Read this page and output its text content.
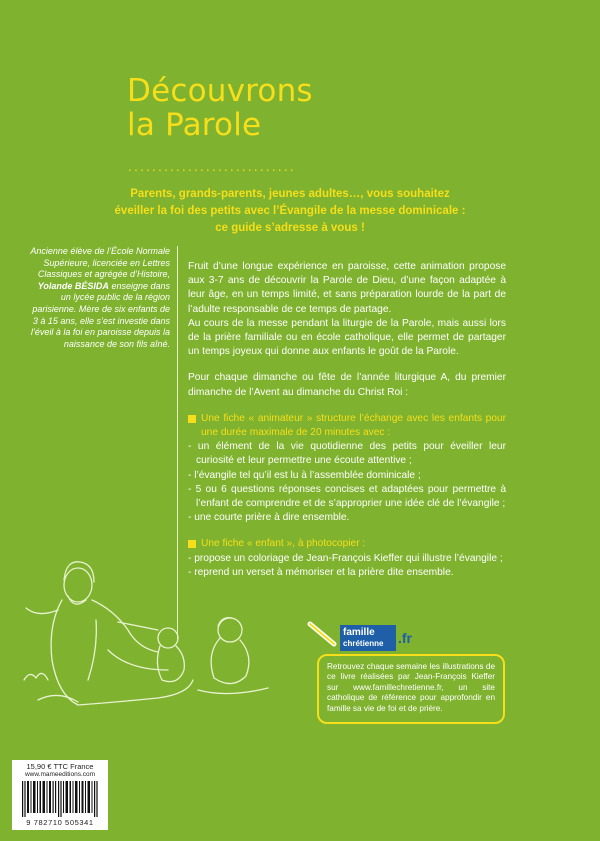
Découvrons
la Parole
............................
Parents, grands-parents, jeunes adultes…, vous souhaitez
éveiller la foi des petits avec l’Évangile de la messe dominicale :
ce guide s’adresse à vous !
Ancienne élève de l’École Normale Supérieure, licenciée en Lettres Classiques et agrégée d’Histoire, Yolande BÉSIDA enseigne dans un lycée public de la région parisienne. Mère de six enfants de 3 à 15 ans, elle s’est investie dans l’éveil à la foi en paroisse depuis la naissance de son fils aîné.

Fruit d’une longue expérience en paroisse, cette animation propose aux 3-7 ans de découvrir la Parole de Dieu, d’une façon adaptée à leur âge, en un temps limité, et sans préparation lourde de la part de l’adulte responsable de ce temps de partage.

Au cours de la messe pendant la liturgie de la Parole, mais aussi lors de la prière familiale ou en école catholique, elle permet de partager un temps joyeux qui donne aux enfants le goût de la Parole.

Pour chaque dimanche ou fête de l’année liturgique A, du premier dimanche de l’Avent au dimanche du Christ Roi :

Une fiche « animateur » structure l’échange avec les enfants pour une durée maximale de 20 minutes avec :

- un élément de la vie quotidienne des petits pour éveiller leur curiosité et leur permettre une écoute attentive ;

- l’évangile tel qu’il est lu à l’assemblée dominicale ;

- 5 ou 6 questions réponses concises et adaptées pour permettre à l’enfant de comprendre et de s’approprier une idée clé de l’évangile ;

- une courte prière à dire ensemble.

Une fiche « enfant », à photocopier :

- propose un coloriage de Jean-François Kieffer qui illustre l’évangile ;

- reprend un verset à mémoriser et la prière dite ensemble.

famille
chrétienne	.fr
Retrouvez chaque semaine les illustrations de ce livre réalisées par Jean-François Kieffer sur www.famillechretienne.fr, un site catholique de référence pour approfondir en famille sa vie de foi et de prière.
15,90 € TTC France
www.mameeditions.com
9 782710 505341
